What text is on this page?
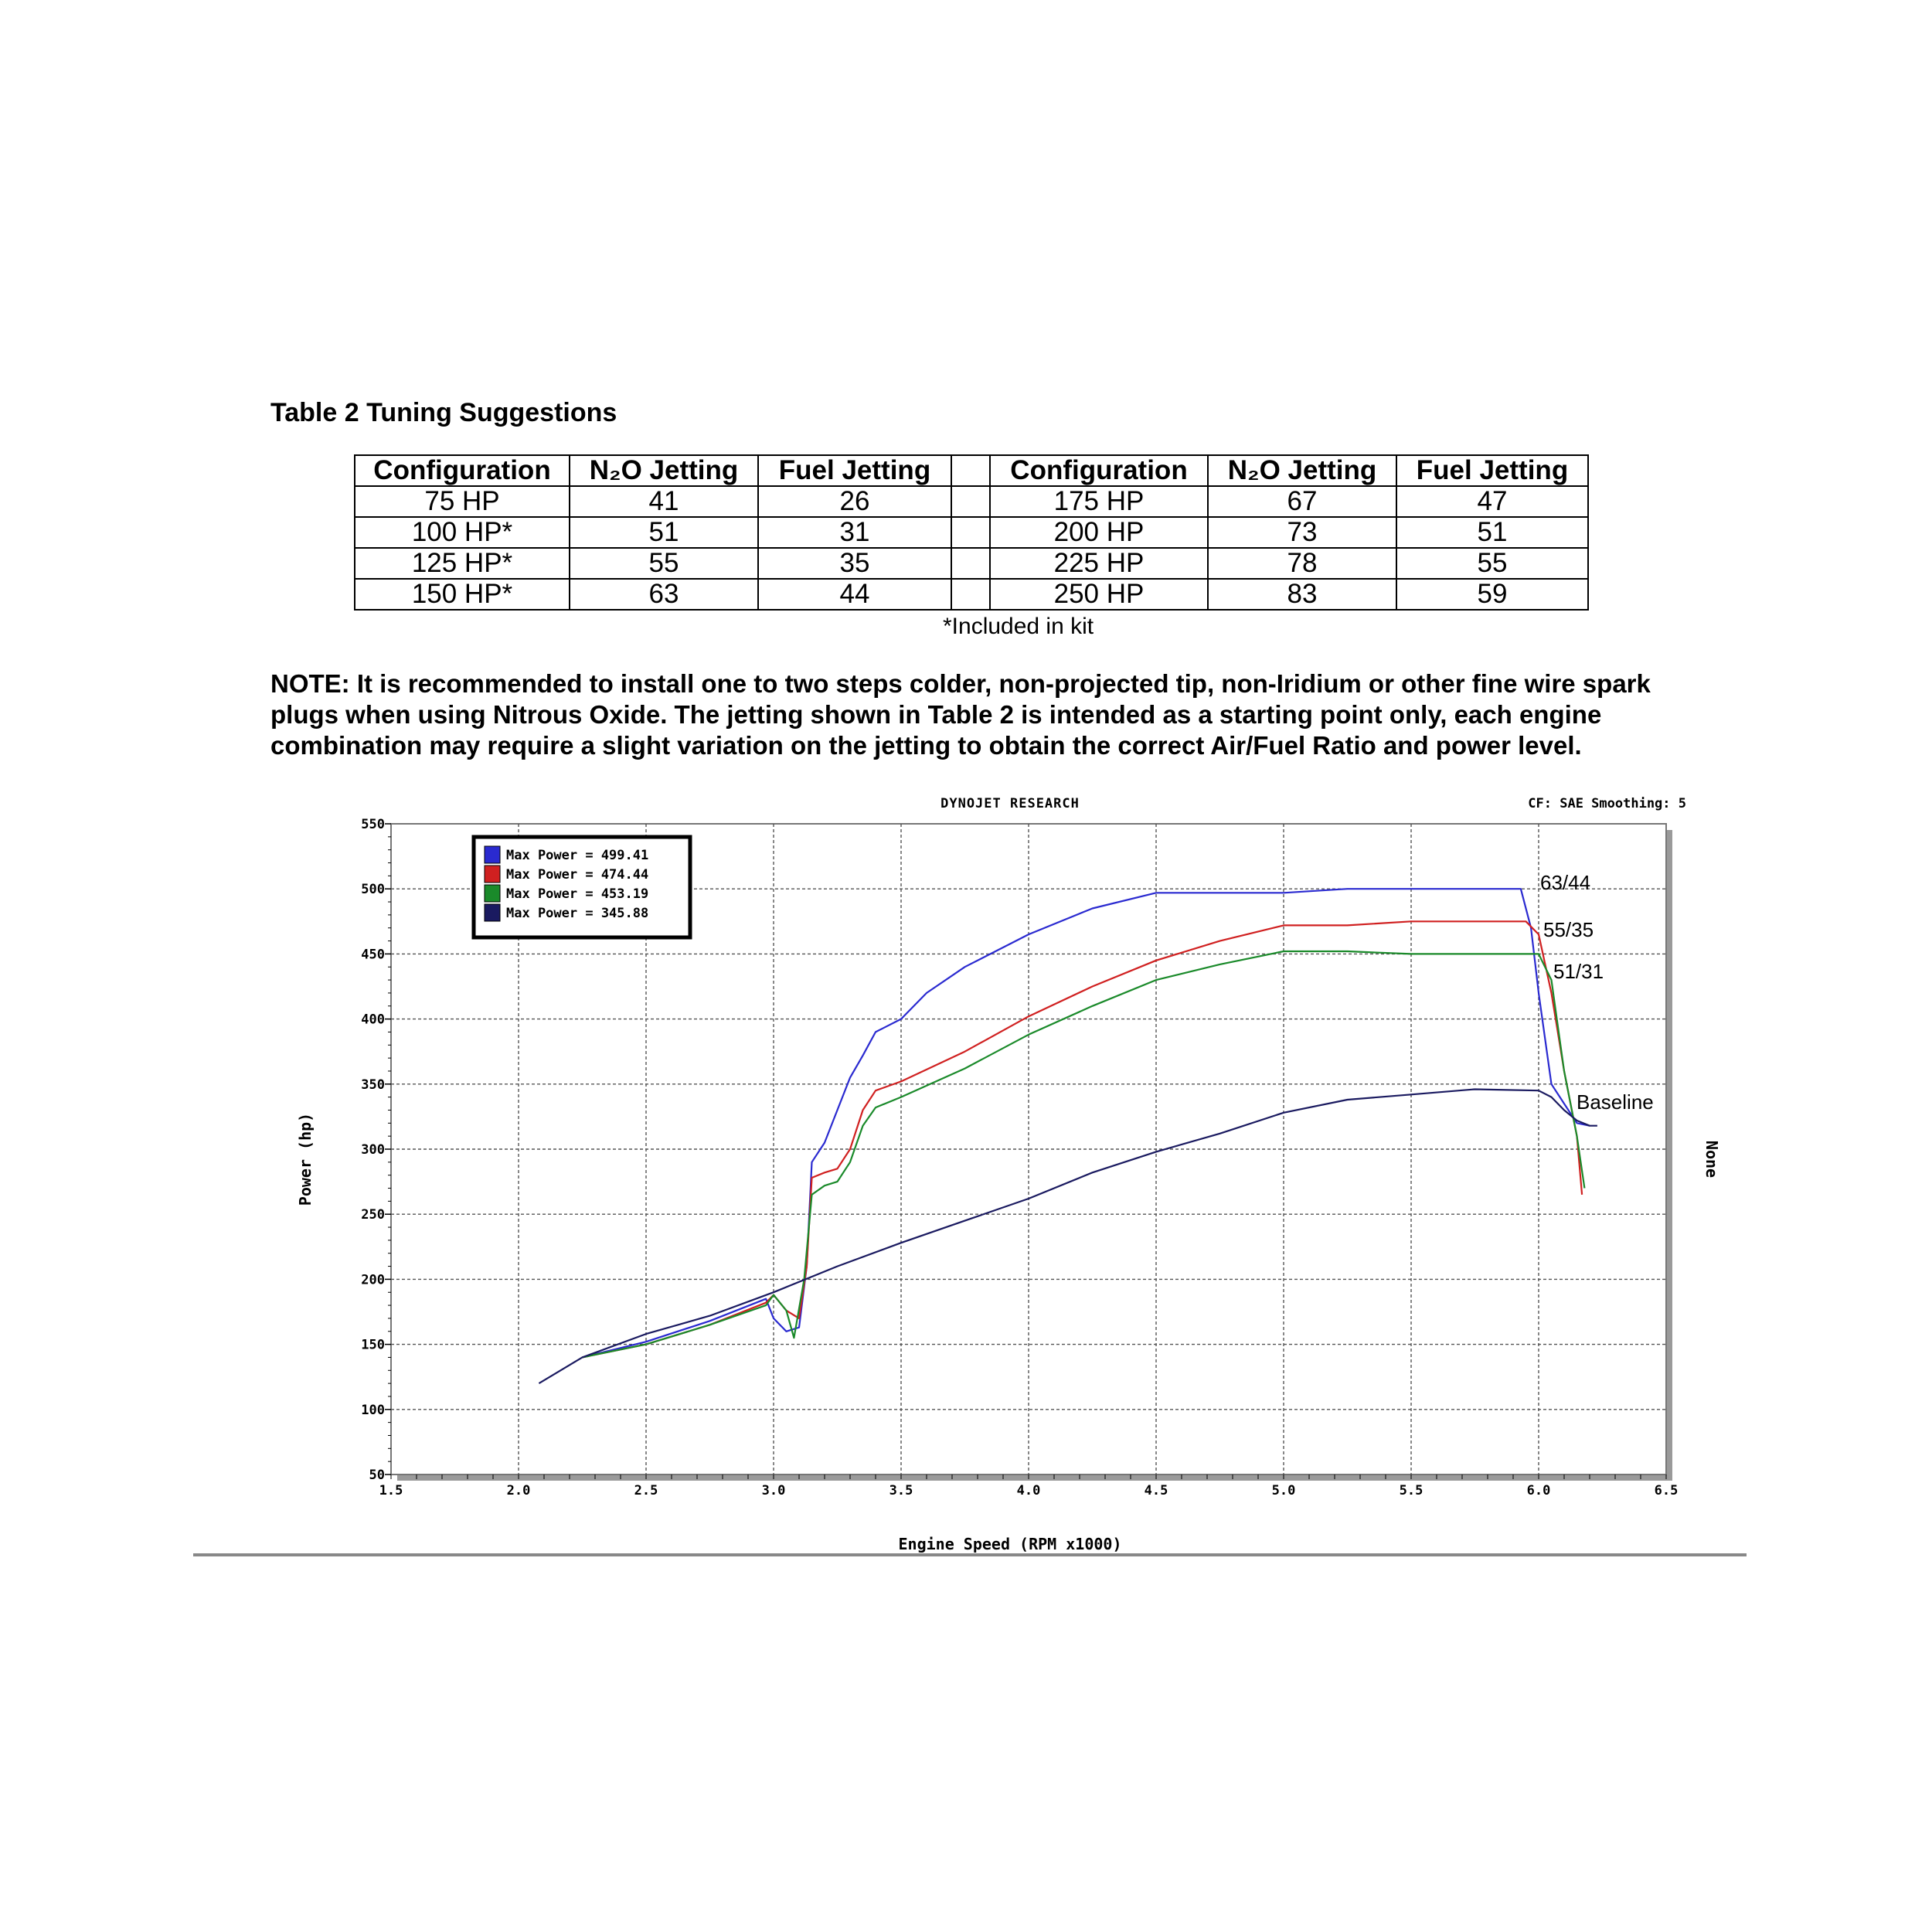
Table 2 Tuning Suggestions
Configuration	N₂O Jetting	Fuel Jetting		Configuration	N₂O Jetting	Fuel Jetting
75 HP	41	26		175 HP	67	47
100 HP*	51	31		200 HP	73	51
125 HP*	55	35		225 HP	78	55
150 HP*	63	44		250 HP	83	59
*Included in kit
NOTE: It is recommended to install one to two steps colder, non-projected tip, non-Iridium or other fine wire spark plugs when using Nitrous Oxide. The jetting shown in Table 2 is intended as a starting point only, each engine combination may require a slight variation on the jetting to obtain the correct Air/Fuel Ratio and power level.
DYNOJET RESEARCH	CF: SAE Smoothing: 5
50
100
150
200
250
300
350
400
450
500
550
1.5	2.0	2.5	3.0	3.5	4.0	4.5	5.0	5.5	6.0	6.5
63/44
55/35
51/31
Baseline
Max Power = 499.41
Max Power = 474.44
Max Power = 453.19
Max Power = 345.88
Power (hp)	None
Engine Speed (RPM x1000)
